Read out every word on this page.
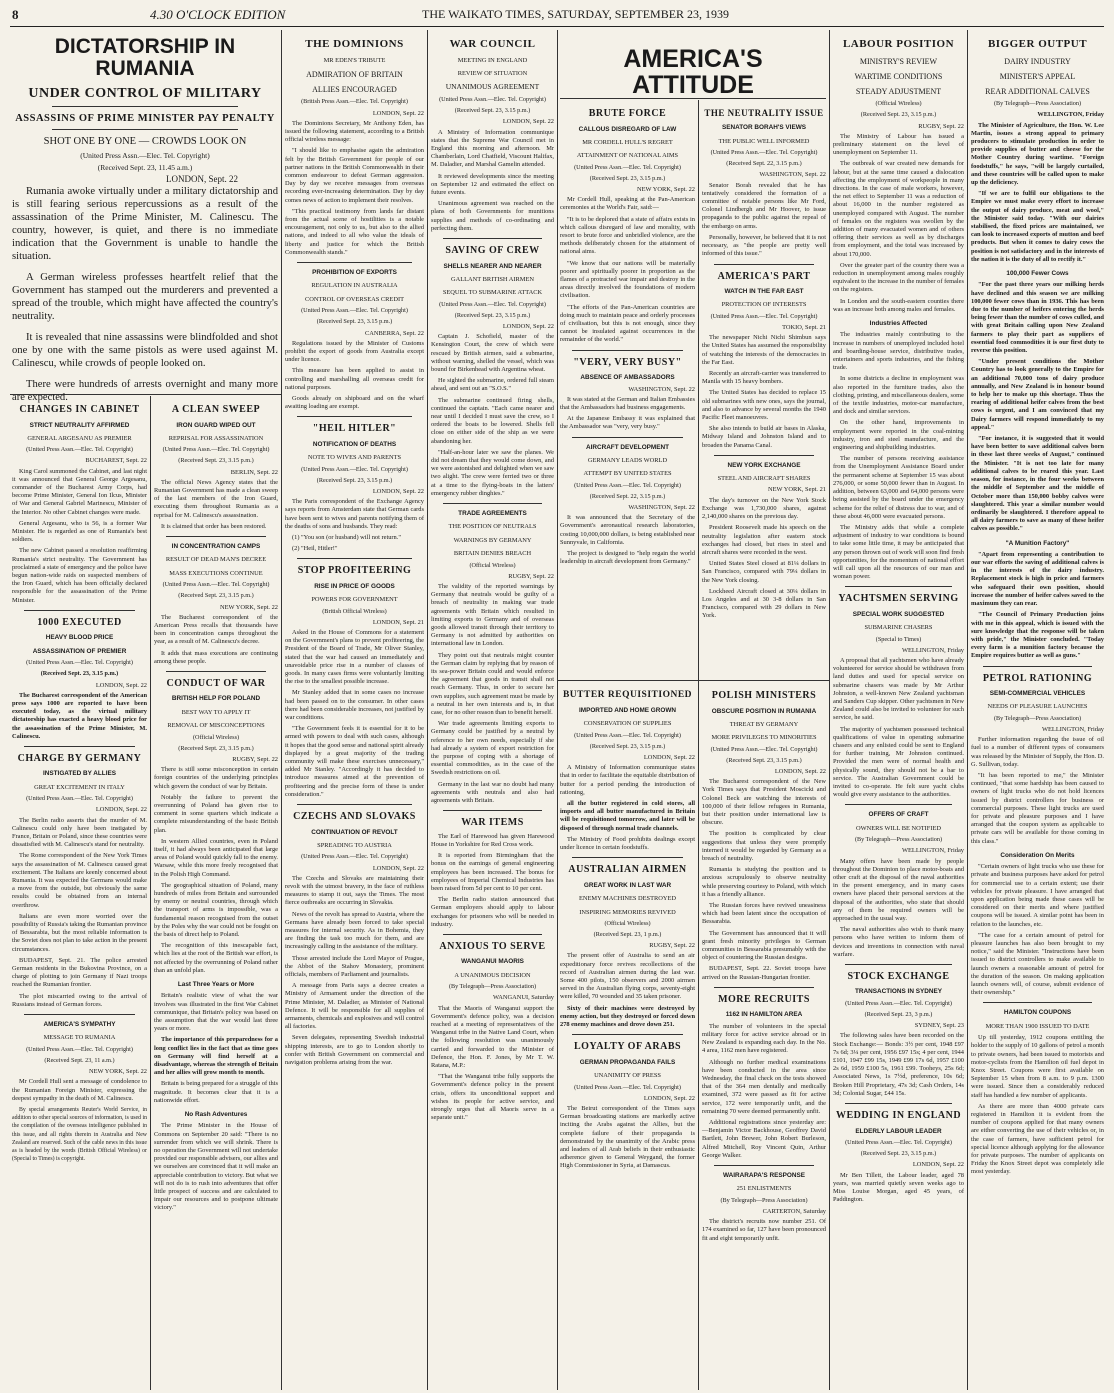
8	4.30 O'CLOCK EDITION	THE WAIKATO TIMES, SATURDAY, SEPTEMBER 23, 1939
DICTATORSHIP IN RUMANIA
UNDER CONTROL OF MILITARY
ASSASSINS OF PRIME MINISTER PAY PENALTY
SHOT ONE BY ONE — CROWDS LOOK ON
(United Press Assn.—Elec. Tel. Copyright)
(Received Sept. 23, 11.45 a.m.)
LONDON, Sept. 22

Rumania awoke virtually under a military dictatorship and is still fearing serious repercussions as a result of the assassination of the Prime Minister, M. Calinescu. The country, however, is quiet, and there is no immediate indication that the Government is unable to handle the situation.

A German wireless professes heartfelt relief that the Government has stamped out the murderers and prevented a spread of the trouble, which might have affected the country's neutrality.

It is revealed that nine assassins were blindfolded and shot one by one with the same pistols as were used against M. Calinescu, while crowds of people looked on.

There were hundreds of arrests overnight and many more are expected.

CHANGES IN CABINET
STRICT NEUTRALITY AFFIRMED
GENERAL ARGESANU AS PREMIER
(United Press Assn.—Elec. Tel. Copyright)
BUCHAREST, Sept. 22

King Carol summoned the Cabinet, and last night it was announced that General George Argesanu, commander of the Bucharest Army Corps, had become Prime Minister, General Ion Ilcus, Minister of War and General Gabriel Marinescu, Minister of the Interior. No other Cabinet changes were made.

General Argesanu, who is 56, is a former War Minister. He is regarded as one of Rumania's best soldiers.

The new Cabinet passed a resolution reaffirming Rumania's strict neutrality. The Government has proclaimed a state of emergency and the police have begun nation-wide raids on suspected members of the Iron Guard, which has been officially declared responsible for the assassination of the Prime Minister.

1000 EXECUTED
HEAVY BLOOD PRICE
ASSASSINATION OF PREMIER
(United Press Assn.—Elec. Tel. Copyright)
(Received Sept. 23, 3.15 p.m.)
LONDON, Sept. 22

The Bucharest correspondent of the American press says 1000 are reported to have been executed today, as the virtual military dictatorship has exacted a heavy blood price for the assassination of the Prime Minister, M. Calinescu.

CHARGE BY GERMANY
INSTIGATED BY ALLIES
GREAT EXCITEMENT IN ITALY
(United Press Assn.—Elec. Tel. Copyright)
LONDON, Sept. 22

The Berlin radio asserts that the murder of M. Calinescu could only have been instigated by France, Britain or Poland, since these countries were dissatisfied with M. Calinescu's stand for neutrality.

The Rome correspondent of the New York Times says the assassination of M. Calinescu caused great excitement. The Italians are keenly concerned about Rumania. It was expected the Germans would make a move from the outside, but obviously the same results could be obtained from an internal overthrow.

Italians are even more worried over the possibility of Russia's taking the Rumanian province of Bessarabia, but the most reliable information is the Soviet does not plan to take action in the present circumstances.

BUDAPEST, Sept. 21. The police arrested German residents in the Bukovina Province, on a charge of plotting to join Germany if Nazi troops reached the Rumanian frontier.

The plot miscarried owing to the arrival of Russians instead of German forces.

AMERICA'S SYMPATHY
MESSAGE TO RUMANIA
(United Press Assn.—Elec. Tel. Copyright)
(Received Sept. 23, 11 a.m.)
NEW YORK, Sept. 22

Mr Cordell Hull sent a message of condolence to the Rumanian Foreign Minister, expressing the deepest sympathy in the death of M. Calinescu.

By special arrangements Reuter's World Service, in addition to other special sources of information, is used in the compilation of the overseas intelligence published in this issue, and all rights therein in Australia and New Zealand are reserved. Such of the cable news in this issue as is headed by the words (British Official Wireless) or (Special to Times) is copyright.

A CLEAN SWEEP
IRON GUARD WIPED OUT
REPRISAL FOR ASSASSINATION
(United Press Assn.—Elec. Tel. Copyright)
(Received Sept. 23, 3.15 p.m.)
BERLIN, Sept. 22

The official News Agency states that the Rumanian Government has made a clean sweep of the last members of the Iron Guard, executing them throughout Rumania as a reprisal for M. Calinescu's assassination.

It is claimed that order has been restored.

IN CONCENTRATION CAMPS
RESULT OF DEAD MAN'S DECREE
MASS EXECUTIONS CONTINUE
(United Press Assn.—Elec. Tel. Copyright)
(Received Sept. 23, 3.15 p.m.)
NEW YORK, Sept. 22

The Bucharest correspondent of the American Press recalls that thousands have been in concentration camps throughout the year, as a result of M. Calinescu's decree.

It adds that mass executions are continuing among these people.

CONDUCT OF WAR
BRITISH HELP FOR POLAND
BEST WAY TO APPLY IT
REMOVAL OF MISCONCEPTIONS
(Official Wireless)
(Received Sept. 23, 3.15 p.m.)
RUGBY, Sept. 22

There is still some misconception in certain foreign countries of the underlying principles which govern the conduct of war by Britain.

Notably the failure to prevent the overrunning of Poland has given rise to comment in some quarters which indicate a complete misunderstanding of the basic British plan.

In western Allied countries, even in Poland itself, it had always been anticipated that large areas of Poland would quickly fall to the enemy. Warsaw, while this more freely recognised that in the Polish High Command.

The geographical situation of Poland, many hundreds of miles from Britain and surrounded by enemy or neutral countries, through which the transport of arms is impossible, was a fundamental reason recognised from the outset by the Poles why the war could not be fought on the basis of direct help to Poland.

The recognition of this inescapable fact, which lies at the root of the British war effort, is not affected by the overrunning of Poland rather than an unfold plan.

Last Three Years or More

Britain's realistic view of what the war involves was illustrated in the first War Cabinet communique, that Britain's policy was based on the assumption that the war would last three years or more.

The importance of this preparedness for a long conflict lies in the fact that as time goes on Germany will find herself at a disadvantage, whereas the strength of Britain and her allies will grow month to month.

Britain is being prepared for a struggle of this magnitude. It becomes clear that it is a nationwide effort.

No Rash Adventures

The Prime Minister in the House of Commons on September 20 said: "There is no surrender from which we will shrink. There is no operation the Government will not undertake provided our responsible advisers, our allies and we ourselves are convinced that it will make an appreciable contribution to victory. But what we will not do is to rush into adventures that offer little prospect of success and are calculated to impair our resources and to postpone ultimate victory."

THE DOMINIONS
MR EDEN'S TRIBUTE
ADMIRATION OF BRITAIN
ALLIES ENCOURAGED
(British Press Assn.—Elec. Tel. Copyright)
LONDON, Sept. 22

The Dominions Secretary, Mr Anthony Eden, has issued the following statement, according to a British official wireless message:

"I should like to emphasise again the admiration felt by the British Government for people of our partner nations in the British Commonwealth in their common endeavour to defeat German aggression. Day by day we receive messages from overseas recording ever-increasing determination. Day by day comes news of action to implement their resolves.

"This practical testimony from lands far distant from the actual scene of hostilities is a notable encouragement, not only to us, but also to the allied nations, and indeed to all who value the ideals of liberty and justice for which the British Commonwealth stands."

PROHIBITION OF EXPORTS
REGULATION IN AUSTRALIA
CONTROL OF OVERSEAS CREDIT
(United Press Assn.—Elec. Tel. Copyright)
(Received Sept. 23, 3.15 p.m.)
CANBERRA, Sept. 22

Regulations issued by the Minister of Customs prohibit the export of goods from Australia except under licence.

This measure has been applied to assist in controlling and marshalling all overseas credit for national purposes.

Goods already on shipboard and on the wharf awaiting loading are exempt.

"HEIL HITLER"
NOTIFICATION OF DEATHS
NOTE TO WIVES AND PARENTS
(United Press Assn.—Elec. Tel. Copyright)
(Received Sept. 23, 3.15 p.m.)
LONDON, Sept. 22

The Paris correspondent of the Exchange Agency says reports from Amsterdam state that German cards have been sent to wives and parents notifying them of the deaths of sons and husbands. They read:

(1) "You son (or husband) will not return."

(2) "Heil, Hitler!"

STOP PROFITEERING
RISE IN PRICE OF GOODS
POWERS FOR GOVERNMENT
(British Official Wireless)
LONDON, Sept. 21

Asked in the House of Commons for a statement on the Government's plans to prevent profiteering, the President of the Board of Trade, Mr Oliver Stanley, stated that the war had caused an immediately and unavoidable price rise in a number of classes of goods. In many cases firms were voluntarily limiting the rise to the smallest possible increase.

Mr Stanley added that in some cases no increase had been passed on to the consumer. In other cases there had been considerable increases, not justified by war conditions.

"The Government feels it is essential for it to be armed with powers to deal with such cases, although it hopes that the good sense and national spirit already displayed by a great majority of the trading community will make these exercises unnecessary," added Mr Stanley. "Accordingly it has decided to introduce measures aimed at the prevention of profiteering and the precise form of these is under consideration."

CZECHS AND SLOVAKS
CONTINUATION OF REVOLT
SPREADING TO AUSTRIA
(United Press Assn.—Elec. Tel. Copyright)
LONDON, Sept. 22

The Czechs and Slovaks are maintaining their revolt with the utmost bravery, in the face of ruthless measures to stamp it out, says the Times. The most fierce outbreaks are occurring in Slovakia.

News of the revolt has spread to Austria, where the Germans have already been forced to take special measures for internal security. As in Bohemia, they are finding the task too much for them, and are increasingly calling in the assistance of the military.

Those arrested include the Lord Mayor of Prague, the Abbot of the Stahov Monastery, prominent officials, members of Parliament and journalists.

A message from Paris says a decree creates a Ministry of Armament under the direction of the Prime Minister, M. Daladier, as Minister of National Defence. It will be responsible for all supplies of armaments, chemicals and explosives and will control all factories.

Seven delegates, representing Swedish industrial shipping interests, are to go to London shortly to confer with British Government on commercial and navigation problems arising from the war.

WAR COUNCIL
MEETING IN ENGLAND
REVIEW OF SITUATION
UNANIMOUS AGREEMENT
(United Press Assn.—Elec. Tel. Copyright)
(Received Sept. 23, 3.15 p.m.)
LONDON, Sept. 22

A Ministry of Information communique states that the Supreme War Council met in England this morning and afternoon. Mr Chamberlain, Lord Chatfield, Viscount Halifax, M. Daladier, and Marshal Gamelin attended.

It reviewed developments since the meeting on September 12 and estimated the effect on future events.

Unanimous agreement was reached on the plans of both Governments for munitions supplies and methods of co-ordinating and perfecting them.

SAVING OF CREW
SHELLS NEARER AND NEARER
GALLANT BRITISH AIRMEN
SEQUEL TO SUBMARINE ATTACK
(United Press Assn.—Elec. Tel. Copyright)
(Received Sept. 23, 3.15 p.m.)
LONDON, Sept. 22

Captain J. Schofield, master of the Kensington Court, the crew of which were rescued by British airmen, said a submarine, without warning, shelled the vessel, which was bound for Birkenhead with Argentina wheat.

He sighted the submarine, ordered full steam ahead, and sent out an "S.O.S."

The submarine continued firing shells, continued the captain. "Each came nearer and near until I decided I must save the crew, so I ordered the boats to be lowered. Shells fell close on either side of the ship as we were abandoning her.

"Half-an-hour later we saw the planes. We did not dream that they would come down, and we were astonished and delighted when we saw two alight. The crew were ferried two or three at a time to the flying-boats in the latters' emergency rubber dinghies."

TRADE AGREEMENTS
THE POSITION OF NEUTRALS
WARNINGS BY GERMANY
BRITAIN DENIES BREACH
(Official Wireless)
RUGBY, Sept. 22

The validity of the reported warnings by Germany that neutrals would be guilty of a breach of neutrality in making war trade agreements with Britain which resulted in limiting exports to Germany and of overseas goods allowed transit through their territory to Germany is not admitted by authorities on international law in London.

They point out that neutrals might counter the German claim by replying that by reason of its sea-power Britain could and would enforce the agreement that goods in transit shall not reach Germany. Thus, in order to secure her own supplies, such agreement must be made by a neutral in her own interests and is, in that case, for no other reason than to benefit herself.

War trade agreements limiting exports to Germany could be justified by a neutral by reference to her own needs, especially if she had already a system of export restriction for the purpose of coping with a shortage of essential commodities, as in the case of the Swedish restrictions on oil.

Germany in the last war no doubt had many agreements with neutrals and also had agreements with Britain.

WAR ITEMS

The Earl of Harewood has given Harewood House in Yorkshire for Red Cross work.

It is reported from Birmingham that the bonus on the earnings of general engineering employees has been increased. The bonus for employees of Imperial Chemical Industries has been raised from 5d per cent to 10 per cent.

The Berlin radio station announced that German employers should apply to labour exchanges for prisoners who will be needed in industry.

ANXIOUS TO SERVE
WANGANUI MAORIS
A UNANIMOUS DECISION
(By Telegraph—Press Association)
WANGANUI, Saturday

That the Maoris of Wanganui support the Government's defence policy, was a decision reached at a meeting of representatives of the Wanganui tribe in the Native Land Court, when the following resolution was unanimously carried and forwarded to the Minister of Defence, the Hon. F. Jones, by Mr T. W. Ratana, M.P.:

"That the Wanganui tribe fully supports the Government's defence policy in the present crisis, offers its unconditional support and wishes its people for active service, and strongly urges that all Maoris serve in a separate unit."

AMERICA'S ATTITUDE
BRUTE FORCE
CALLOUS DISREGARD OF LAW
MR CORDELL HULL'S REGRET
ATTAINMENT OF NATIONAL AIMS
(United Press Assn.—Elec. Tel. Copyright)
(Received Sept. 23, 3.15 p.m.)
NEW YORK, Sept. 22

Mr Cordell Hull, speaking at the Pan-American ceremonies at the World's Fair, said:—

"It is to be deplored that a state of affairs exists in which callous disregard of law and morality, with resort to brute force and unbridled violence, are the methods deliberately chosen for the attainment of national aims.

"We know that our nations will be materially poorer and spiritually poorer in proportion as the flames of a protracted war impair and destroy in the areas directly involved the foundations of modern civilisation.

"The efforts of the Pan-American countries are doing much to maintain peace and orderly processes of civilisation, but this is not enough, since they cannot be insulated against occurrences in the remainder of the world."

"VERY, VERY BUSY"
ABSENCE OF AMBASSADORS
WASHINGTON, Sept. 22

It was stated at the German and Italian Embassies that the Ambassadors had business engagements.

At the Japanese Embassy it was explained that the Ambassador was "very, very busy."

AIRCRAFT DEVELOPMENT
GERMANY LEADS WORLD
ATTEMPT BY UNITED STATES
(United Press Assn.—Elec. Tel. Copyright)
(Received Sept. 22, 3.15 p.m.)
WASHINGTON, Sept. 22

It was announced that the Secretary of the Government's aeronautical research laboratories, costing 10,000,000 dollars, is being established near Sunnyvale, in California.

The project is designed to "help regain the world leadership in aircraft development from Germany."

THE NEUTRALITY ISSUE
SENATOR BORAH'S VIEWS
THE PUBLIC WELL INFORMED
(United Press Assn.—Elec. Tel. Copyright)
(Received Sept. 22, 3.15 p.m.)
WASHINGTON, Sept. 22

Senator Borah revealed that he has tentatively considered the formation of a committee of notable persons like Mr Ford, Colonel Lindbergh and Mr Hoover, to issue propaganda to the public against the repeal of the embargo on arms.

Personally, however, he believed that it is not necessary, as "the people are pretty well informed of this issue."

AMERICA'S PART
WATCH IN THE FAR EAST
PROTECTION OF INTERESTS
(United Press Assn.—Elec. Tel. Copyright)
TOKIO, Sept. 21

The newspaper Nichi Nichi Shimbun says the United States has assumed the responsibility of watching the interests of the democracies in the Far East.

Recently an aircraft-carrier was transferred to Manila with 15 heavy bombers.

The United States has decided to replace 15 old submarines with new ones, says the journal, and also to advance by several months the 1940 Pacific Fleet manoeuvres.

She also intends to build air bases in Alaska, Midway Island and Johnston Island and to broaden the Panama Canal.

NEW YORK EXCHANGE
STEEL AND AIRCRAFT SHARES
NEW YORK, Sept. 21

The day's turnover on the New York Stock Exchange was 1,730,000 shares, against 2,140,000 shares on the previous day.

President Roosevelt made his speech on the neutrality legislation after eastern stock exchanges had closed, but rises in steel and aircraft shares were recorded in the west.

United States Steel closed at 81¼ dollars in San Francisco, compared with 79¼ dollars in the New York closing.

Lockheed Aircraft closed at 30¼ dollars in Los Angeles and at 30 3-8 dollars in San Francisco, compared with 29 dollars in New York.

BUTTER REQUISITIONED
IMPORTED AND HOME GROWN
CONSERVATION OF SUPPLIES
(United Press Assn.—Elec. Tel. Copyright)
(Received Sept. 23, 3.15 p.m.)
LONDON, Sept. 22

A Ministry of Information communique states that in order to facilitate the equitable distribution of butter for a period pending the introduction of rationing,

all the butter registered in cold stores, all imports and all butter manufactured in Britain will be requisitioned tomorrow, and later will be disposed of through normal trade channels.

The Ministry of Food prohibits dealings except under licence in certain foodstuffs.

AUSTRALIAN AIRMEN
GREAT WORK IN LAST WAR
ENEMY MACHINES DESTROYED
INSPIRING MEMORIES REVIVED
(Official Wireless)
(Received Sept. 23, 1 p.m.)
RUGBY, Sept. 22

The present offer of Australia to send an air expeditionary force revives recollections of the record of Australian airmen during the last war. Some 400 pilots, 150 observers and 2000 airmen served in the Australian flying corps, seventy-eight were killed, 70 wounded and 35 taken prisoner.

Sixty of their machines were destroyed by enemy action, but they destroyed or forced down 278 enemy machines and drove down 251.

LOYALTY OF ARABS
GERMAN PROPAGANDA FAILS
UNANIMITY OF PRESS
(United Press Assn.—Elec. Tel. Copyright)
LONDON, Sept. 22

The Beirut correspondent of the Times says German broadcasting stations are markedly active inciting the Arabs against the Allies, but the complete failure of their propaganda is demonstrated by the unanimity of the Arabic press and leaders of all Arab beliefs in their enthusiastic adherence given to General Weygand, the former High Commissioner in Syria, at Damascus.

POLISH MINISTERS
OBSCURE POSITION IN RUMANIA
THREAT BY GERMANY
MORE PRIVILEGES TO MINORITIES
(United Press Assn.—Elec. Tel. Copyright)
(Received Sept. 23, 3.15 p.m.)
LONDON, Sept. 22

The Bucharest correspondent of the New York Times says that President Moscicki and Colonel Beck are watching the interests of 100,000 of their fellow refugees in Rumania, but their position under international law is obscure.

The position is complicated by clear suggestions that unless they were promptly interned it would be regarded by Germany as a breach of neutrality.

Rumania is studying the position and is anxious scrupulously to observe neutrality while preserving courtesy to Poland, with which it has a friendly alliance.

The Russian forces have revived uneasiness which had been latent since the occupation of Bessarabia.

The Government has announced that it will grant fresh minority privileges to German communities in Bessarabia presumably with the object of countering the Russian designs.

BUDAPEST, Sept. 22. Soviet troops have arrived on the Russian-Hungarian frontier.

MORE RECRUITS
1162 IN HAMILTON AREA

The number of volunteers in the special military force for active service abroad or in New Zealand is expanding each day. In the No. 4 area, 1162 men have registered.

Although no further medical examinations have been conducted in the area since Wednesday, the final check on the tests showed that of the 364 men dentally and medically examined, 372 were passed as fit for active service, 172 were temporarily unfit, and the remaining 70 were deemed permanently unfit.

Additional registrations since yesterday are:—Benjamin Victor Backhouse, Geoffrey David Bartlett, John Brewer, John Robert Burleson, Alfred Mitchell, Roy Vincent Quin, Arthur George Walker.

WAIRARAPA'S RESPONSE
251 ENLISTMENTS
(By Telegraph—Press Association)
CARTERTON, Saturday

The district's recruits now number 251. Of 174 examined so far, 127 have been pronounced fit and eight temporarily unfit.

LABOUR POSITION
MINISTRY'S REVIEW
WARTIME CONDITIONS
STEADY ADJUSTMENT
(Official Wireless)
(Received Sept. 23, 3.15 p.m.)
RUGBY, Sept. 22

The Ministry of Labour has issued a preliminary statement on the level of unemployment on September 11.

The outbreak of war created new demands for labour, but at the same time caused a dislocation affecting the employment of workpeople in many directions. In the case of male workers, however, the net effect to September 11 was a reduction of about 16,000 in the number registered as unemployed compared with August. The number of females on the registers was swollen by the addition of many evacuated women and of others offering their services as well as by discharges from employment, and the total was increased by about 170,000.

Over the greater part of the country there was a reduction in unemployment among males roughly equivalent to the increase in the number of females on the registers.

In London and the south-eastern counties there was an increase both among males and females.

Industries Affected

The industries mainly contributing to the increase in numbers of unemployed included hotel and boarding-house service, distributive trades, entertainers and sports industries, and the fishing trade.

In some districts a decline in employment was also reported in the furniture trades, also the clothing, printing, and miscellaneous dealers, some of the textile industries, motor-car manufacture, and dock and similar services.

On the other hand, improvements in employment were reported in the coal-mining industry, iron and steel manufacture, and the engineering and shipbuilding industries.

The number of persons receiving assistance from the Unemployment Assistance Board under the permanent scheme at September 15 was about 276,000, or some 50,000 fewer than in August. In addition, between 63,000 and 64,000 persons were being assisted by the board under the emergency scheme for the relief of distress due to war, and of these about 46,000 were evacuated persons.

The Ministry adds that while a complete adjustment of industry to war conditions is bound to take some little time, it may be anticipated that any person thrown out of work will soon find fresh opportunities, for the momentum of national effort will call upon all the resources of our man and woman power.

YACHTSMEN SERVING
SPECIAL WORK SUGGESTED
SUBMARINE CHASERS
(Special to Times)
WELLINGTON, Friday

A proposal that all yachtsmen who have already volunteered for service should be withdrawn from land duties and used for special service on submarine chasers was made by Mr Arthur Johnston, a well-known New Zealand yachtsman and Sanders Cup skipper. Other yachtsmen in New Zealand could also be invited to volunteer for such service, he said.

The majority of yachtsmen possessed technical qualifications of value in operating submarine chasers and any enlisted could be sent to England for further training, Mr Johnston continued. Provided the men were of normal health and physically sound, they should not be a bar to service. The Australian Government could be invited to co-operate. He felt sure yacht clubs would give every assistance to the authorities.

OFFERS OF CRAFT
OWNERS WILL BE NOTIFIED
(By Telegraph—Press Association)
WELLINGTON, Friday

Many offers have been made by people throughout the Dominion to place motor-boats and other craft at the disposal of the naval authorities in the present emergency, and in many cases owners have placed their personal services at the disposal of the authorities, who state that should any of them be required owners will be approached in the usual way.

The naval authorities also wish to thank many persons who have written to inform them of devices and inventions in connection with naval warfare.

STOCK EXCHANGE
TRANSACTIONS IN SYDNEY
(United Press Assn.—Elec. Tel. Copyright)
(Received Sept. 23, 3 p.m.)
SYDNEY, Sept. 23

The following sales have been recorded on the Stock Exchange:— Bonds: 3½ per cent, 1948 £97 7s 6d; 3¼ per cent, 1956 £97 15s; 4 per cent, 1944 £101, 1947 £99 15s, 1949 £99 17s 6d, 1957 £100 2s 6d, 1959 £100 5s, 1961 £99. Tooheys, 25s 6d; Associated News, 1s 7½d, preference, 10s 6d; Broken Hill Proprietary, 47s 3d; Cash Orders, 14s 3d; Colonial Sugar, £44 15s.

WEDDING IN ENGLAND
ELDERLY LABOUR LEADER
(United Press Assn.—Elec. Tel. Copyright)
(Received Sept. 23, 3.15 p.m.)
LONDON, Sept. 22

Mr Ben Tillett, the Labour leader, aged 78 years, was married quietly seven weeks ago to Miss Louise Morgan, aged 45 years, of Paddington.

BIGGER OUTPUT
DAIRY INDUSTRY
MINISTER'S APPEAL
REAR ADDITIONAL CALVES
(By Telegraph—Press Association)
WELLINGTON, Friday

The Minister of Agriculture, the Hon. W. Lee Martin, issues a strong appeal to primary producers to stimulate production in order to provide supplies of butter and cheese for the Mother Country during wartime. "Foreign foodstuffs," he says, "will be largely curtailed, and these countries will be called upon to make up the deficiency.

"If we are to fulfil our obligations to the Empire we must make every effort to increase the output of dairy produce, meat and wool," the Minister said today. "With our dairies stabilised, the fixed prices are maintained, we can look to increased exports of mutton and beef products. But when it comes to dairy cows the position is not satisfactory and in the interests of the nation it is the duty of all to rectify it."

100,000 Fewer Cows

"For the past three years our milking herds have declined and this season we are milking 100,000 fewer cows than in 1936. This has been due to the number of heifers entering the herds being fewer than the number of cows culled, and with great Britain calling upon New Zealand farmers to play their part as suppliers of essential food commodities it is our first duty to reverse this position.

"Under present conditions the Mother Country has to look generally to the Empire for an additional 70,000 tons of dairy produce annually, and New Zealand is in honour bound to help her to make up this shortage. Thus the rearing of additional heifer calves from the best cows is urgent, and I am convinced that my Dairy farmers will respond immediately to my appeal."

"For instance, it is suggested that it would have been better to save additional calves born in these last three weeks of August," continued the Minister. "It is not too late for many additional calves to be reared this year. Last season, for instance, in the four weeks between the middle of September and the middle of October more than 150,000 bobby calves were slaughtered. This year a similar number would ordinarily be slaughtered. I therefore appeal to all dairy farmers to save as many of these heifer calves as possible."

"A Munition Factory"

"Apart from representing a contribution to our war efforts the saving of additional calves is in the interests of the dairy industry. Replacement stock is high in price and farmers who safeguard their own position, should increase the number of heifer calves saved to the maximum they can rear.

"The Council of Primary Production joins with me in this appeal, which is issued with the sure knowledge that the response will be taken with pride," the Minister concluded. "Today every farm is a munition factory because the Empire requires butter as well as guns."

PETROL RATIONING
SEMI-COMMERCIAL VEHICLES
NEEDS OF PLEASURE LAUNCHES
(By Telegraph—Press Association)
WELLINGTON, Friday

Further information regarding the issue of oil fuel to a number of different types of consumers was released by the Minister of Supply, the Hon. D. G. Sullivan, today.

"It has been reported to me," the Minister continued, "that some hardship has been caused to owners of light trucks who do not hold licences issued by district controllers for business or commercial purposes. These light trucks are used for private and pleasure purposes and I have arranged that the coupon system as applicable to private cars will be available for those coming in this class."

Consideration On Merits

"Certain owners of light trucks who use these for private and business purposes have asked for petrol for commercial use to a certain extent; use their vehicles for private pleasure. I have arranged that upon application being made these cases will be considered on their merits and where justified coupons will be issued. A similar point has been in relation to the launches, etc.

"The case for a certain amount of petrol for pleasure launches has also been brought to my notice," said the Minister. "Instructions have been issued to district controllers to make available to launch owners a reasonable amount of petrol for the duration of the season. On making application launch owners will, of course, submit evidence of their ownership."

HAMILTON COUPONS
MORE THAN 1900 ISSUED TO DATE

Up till yesterday, 1912 coupons entitling the holder to the supply of 10 gallons of petrol a month to private owners, had been issued to motorists and motor-cyclists from the Hamilton oil fuel depot in Knox Street. Coupons were first available on September 15 when from 8 a.m. to 9 p.m. 1300 were issued. Since then a considerably reduced staff has handled a few number of applicants.

As there are more than 4000 private cars registered in Hamilton it is evident from the number of coupons applied for that many owners are either converting the use of their vehicles or, in the case of farmers, have sufficient petrol for special licence although applying for the allowance for private purposes. The number of applicants on Friday the Knox Street depot was completely idle most yesterday.
